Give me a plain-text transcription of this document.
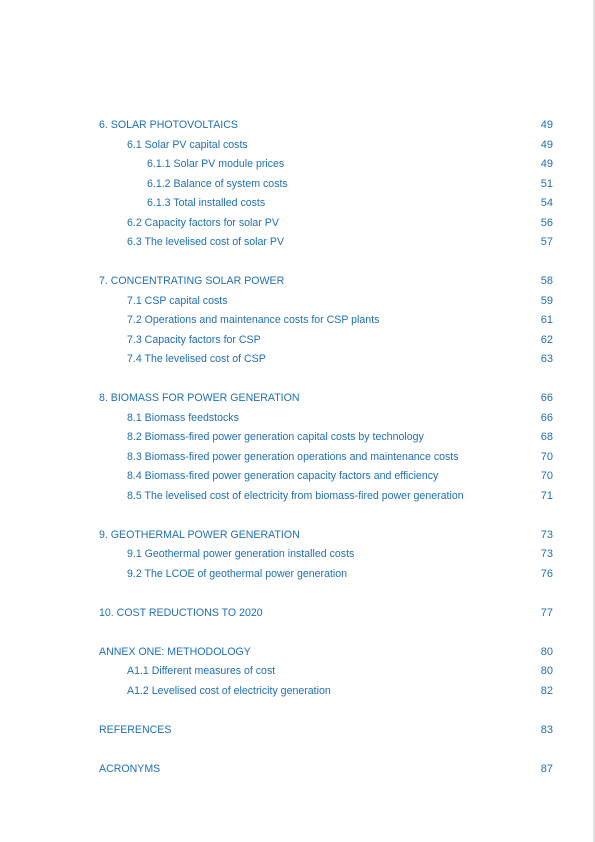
6. SOLAR PHOTOVOLTAICS	49
6.1 Solar PV capital costs	49
6.1.1 Solar PV module prices	49
6.1.2 Balance of system costs	51
6.1.3 Total installed costs	54
6.2 Capacity factors for solar PV	56
6.3 The levelised cost of solar PV	57
7. CONCENTRATING SOLAR POWER	58
7.1 CSP capital costs	59
7.2 Operations and maintenance costs for CSP plants	61
7.3 Capacity factors for CSP	62
7.4 The levelised cost of CSP	63
8. BIOMASS FOR POWER GENERATION	66
8.1 Biomass feedstocks	66
8.2 Biomass-fired power generation capital costs by technology	68
8.3 Biomass-fired power generation operations and maintenance costs	70
8.4 Biomass-fired power generation capacity factors and efficiency	70
8.5 The levelised cost of electricity from biomass-fired power generation	71
9. GEOTHERMAL POWER GENERATION	73
9.1 Geothermal power generation installed costs	73
9.2 The LCOE of geothermal power generation	76
10. COST REDUCTIONS TO 2020	77
ANNEX ONE: METHODOLOGY	80
A1.1 Different measures of cost	80
A1.2 Levelised cost of electricity generation	82
REFERENCES	83
ACRONYMS	87
